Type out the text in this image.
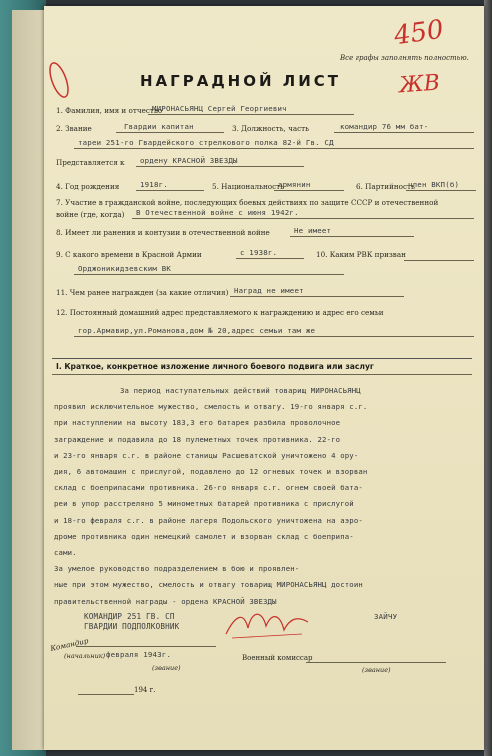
Все графы заполнять полностью.
450
ЖВ
НАГРАДНОЙ ЛИСТ
1. Фамилия, имя и отчество
МИРОНАСЬЯНЦ Сергей Георгиевич
2. Звание	Гвардии капитан	3. Должность, часть	командир 76 мм бат-
тареи 251-го Гвардейского стрелкового полка 82-й Гв. СД
Представляется к ордену КРАСНОЙ ЗВЕЗДЫ
4. Год рождения	1918г.	5. Национальность
армянин	6. Партийность
член ВКП(б)
7. Участие в гражданской войне, последующих боевых действиях по защите СССР и отечественной
войне (где, когда) В Отечественной войне с июня 1942г.
8. Имеет ли ранения и контузии в отечественной войне	Не имеет
9. С какого времени в Красной Армии	с 1938г.	10. Каким РВК призван
Орджоникидзевским ВК
11. Чем ранее награжден (за какие отличия) Наград не имеет
12. Постоянный домашний адрес представляемого к награждению и адрес его семьи
гор.Армавир,ул.Романова,дом № 20,адрес семьи там же
I. Краткое, конкретное изложение личного боевого подвига или заслуг
За период наступательных действий товарищ МИРОНАСЬЯНЦ
проявил исключительное мужество, смелость и отвагу. 19-го января с.г.
при наступлении на высоту 183,3 его батарея разбила проволочное
заграждение и подавила до 18 пулеметных точек противника. 22-го
и 23-го января с.г. в районе станицы Расшеватской уничтожено 4 ору-
дия, 6 автомашин с прислугой, подавлено до 12 огневых точек и взорван
склад с боеприпасами противника. 26-го января с.г. огнем своей бата-
реи в упор расстреляно 5 минометных батарей противника с прислугой
и 18-го февраля с.г. в районе лагеря Подольского уничтожена на аэро-
дроме противника один немецкий самолет и взорван склад с боеприпа-
сами.
За умелое руководство подразделением в бою и проявлен-
ные при этом мужество, смелость и отвагу товарищ МИРОНАСЬЯНЦ достоин
правительственной награды - ордена КРАСНОЙ ЗВЕЗДЫ
КОМАНДИР 251 ГВ. СП
ГВАРДИИ ПОДПОЛКОВНИК
ЗАЙЧУ
Командир
(начальник) февраля 1943г.
(звание)
Военный комиссар
(звание)
194 г.
